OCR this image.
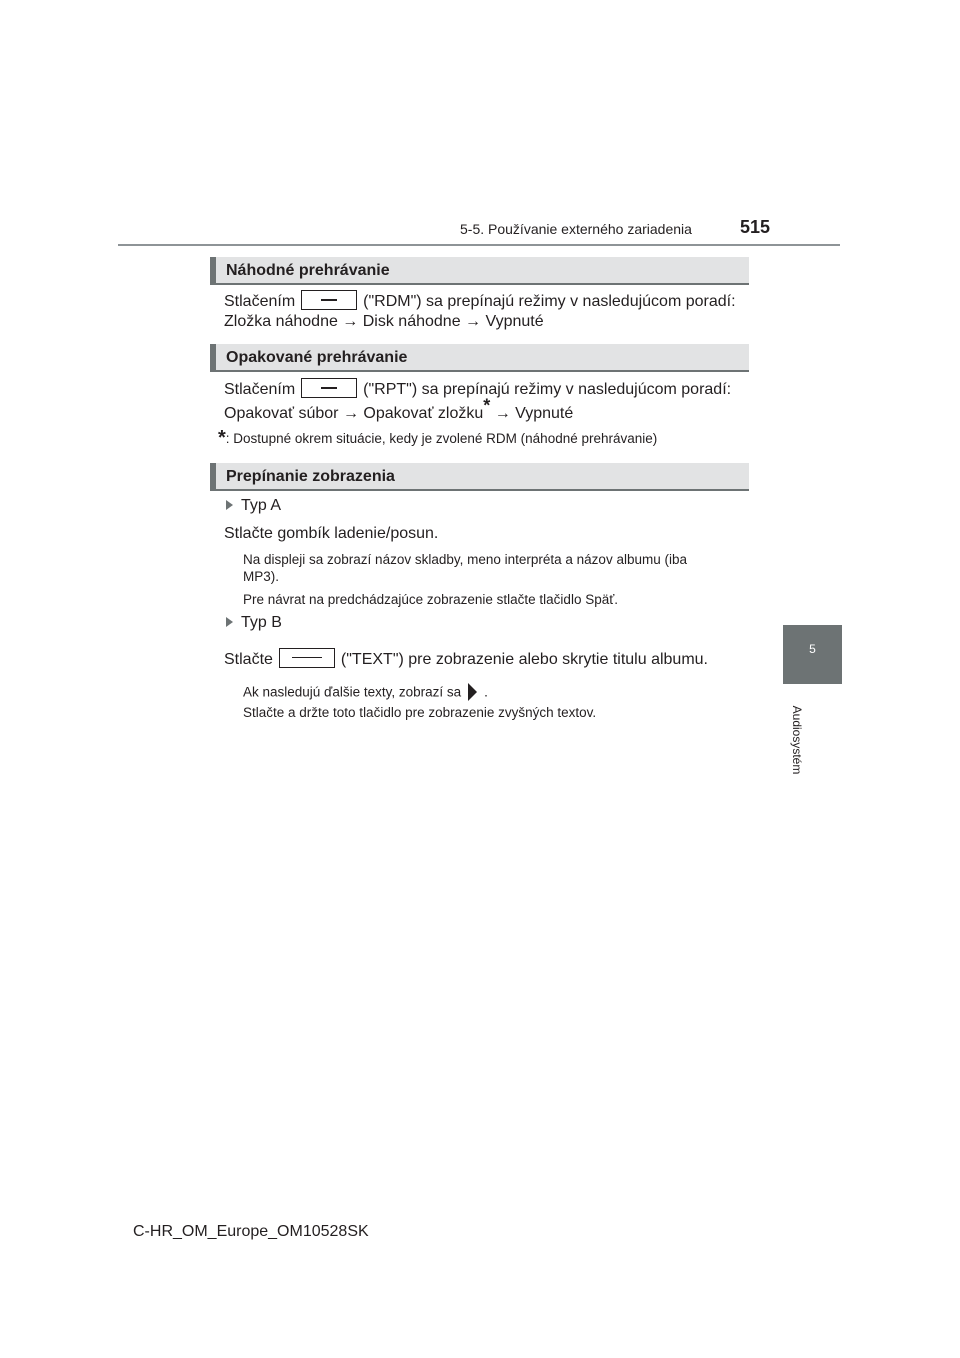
5-5. Používanie externého zariadenia	515
5
Audiosystém
Náhodné prehrávanie
Stlačením	("RDM") sa prepínajú režimy v nasledujúcom poradí:
Zložka náhodne → Disk náhodne → Vypnuté
Opakované prehrávanie
Stlačením	("RPT") sa prepínajú režimy v nasledujúcom poradí:
Opakovať súbor → Opakovať zložku* → Vypnuté
*: Dostupné okrem situácie, kedy je zvolené RDM (náhodné prehrávanie)
Prepínanie zobrazenia
Typ A
Stlačte gombík ladenie/posun.
Na displeji sa zobrazí názov skladby, meno interpréta a názov albumu (iba
MP3).
Pre návrat na predchádzajúce zobrazenie stlačte tlačidlo Späť.
Typ B
Stlačte	("TEXT") pre zobrazenie alebo skrytie titulu albumu.
Ak nasledujú ďalšie texty, zobrazí sa .
Stlačte a držte toto tlačidlo pre zobrazenie zvyšných textov.
C-HR_OM_Europe_OM10528SK
